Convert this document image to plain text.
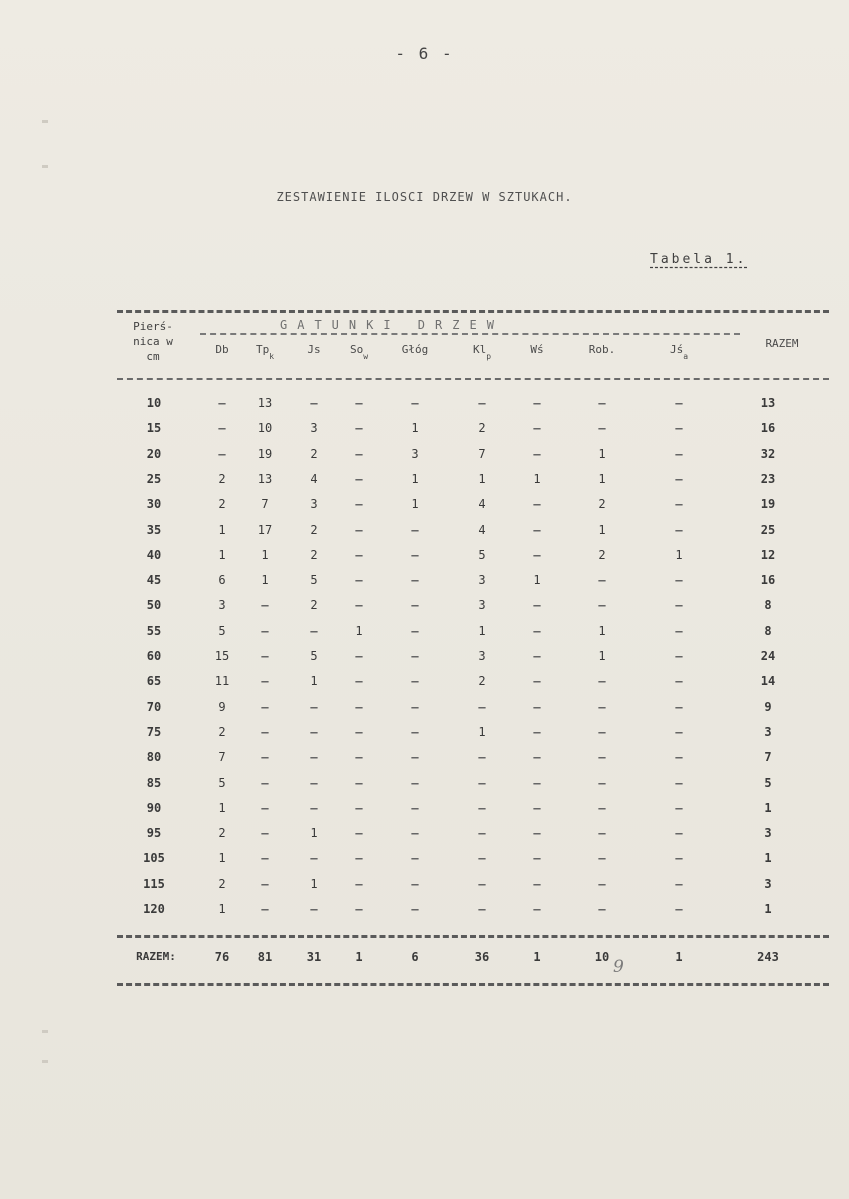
- 6 -
ZESTAWIENIE ILOSCI DRZEW W SZTUKACH.
Tabela 1.
Pierś-
nica w
cm
GATUNKI DRZEW
Db	$Tp_k$
Js	$So_w$
Głóg	$Kl_p$
Wś	Rob.	$Jś_a$
RAZEM
10	–	13	–	–	–	–	–	–	–	13
15	–	10	3	–	1	2	–	–	–	16
20	–	19	2	–	3	7	–	1	–	32
25	2	13	4	–	1	1	1	1	–	23
30	2	7	3	–	1	4	–	2	–	19
35	1	17	2	–	–	4	–	1	–	25
40	1	1	2	–	–	5	–	2	1	12
45	6	1	5	–	–	3	1	–	–	16
50	3	–	2	–	–	3	–	–	–	8
55	5	–	–	1	–	1	–	1	–	8
60	15	–	5	–	–	3	–	1	–	24
65	11	–	1	–	–	2	–	–	–	14
70	9	–	–	–	–	–	–	–	–	9
75	2	–	–	–	–	1	–	–	–	3
80	7	–	–	–	–	–	–	–	–	7
85	5	–	–	–	–	–	–	–	–	5
90	1	–	–	–	–	–	–	–	–	1
95	2	–	1	–	–	–	–	–	–	3
105	1	–	–	–	–	–	–	–	–	1
115	2	–	1	–	–	–	–	–	–	3
120	1	–	–	–	–	–	–	–	–	1
RAZEM:	76	81	31	1	6	36	1	10	1	243
9
